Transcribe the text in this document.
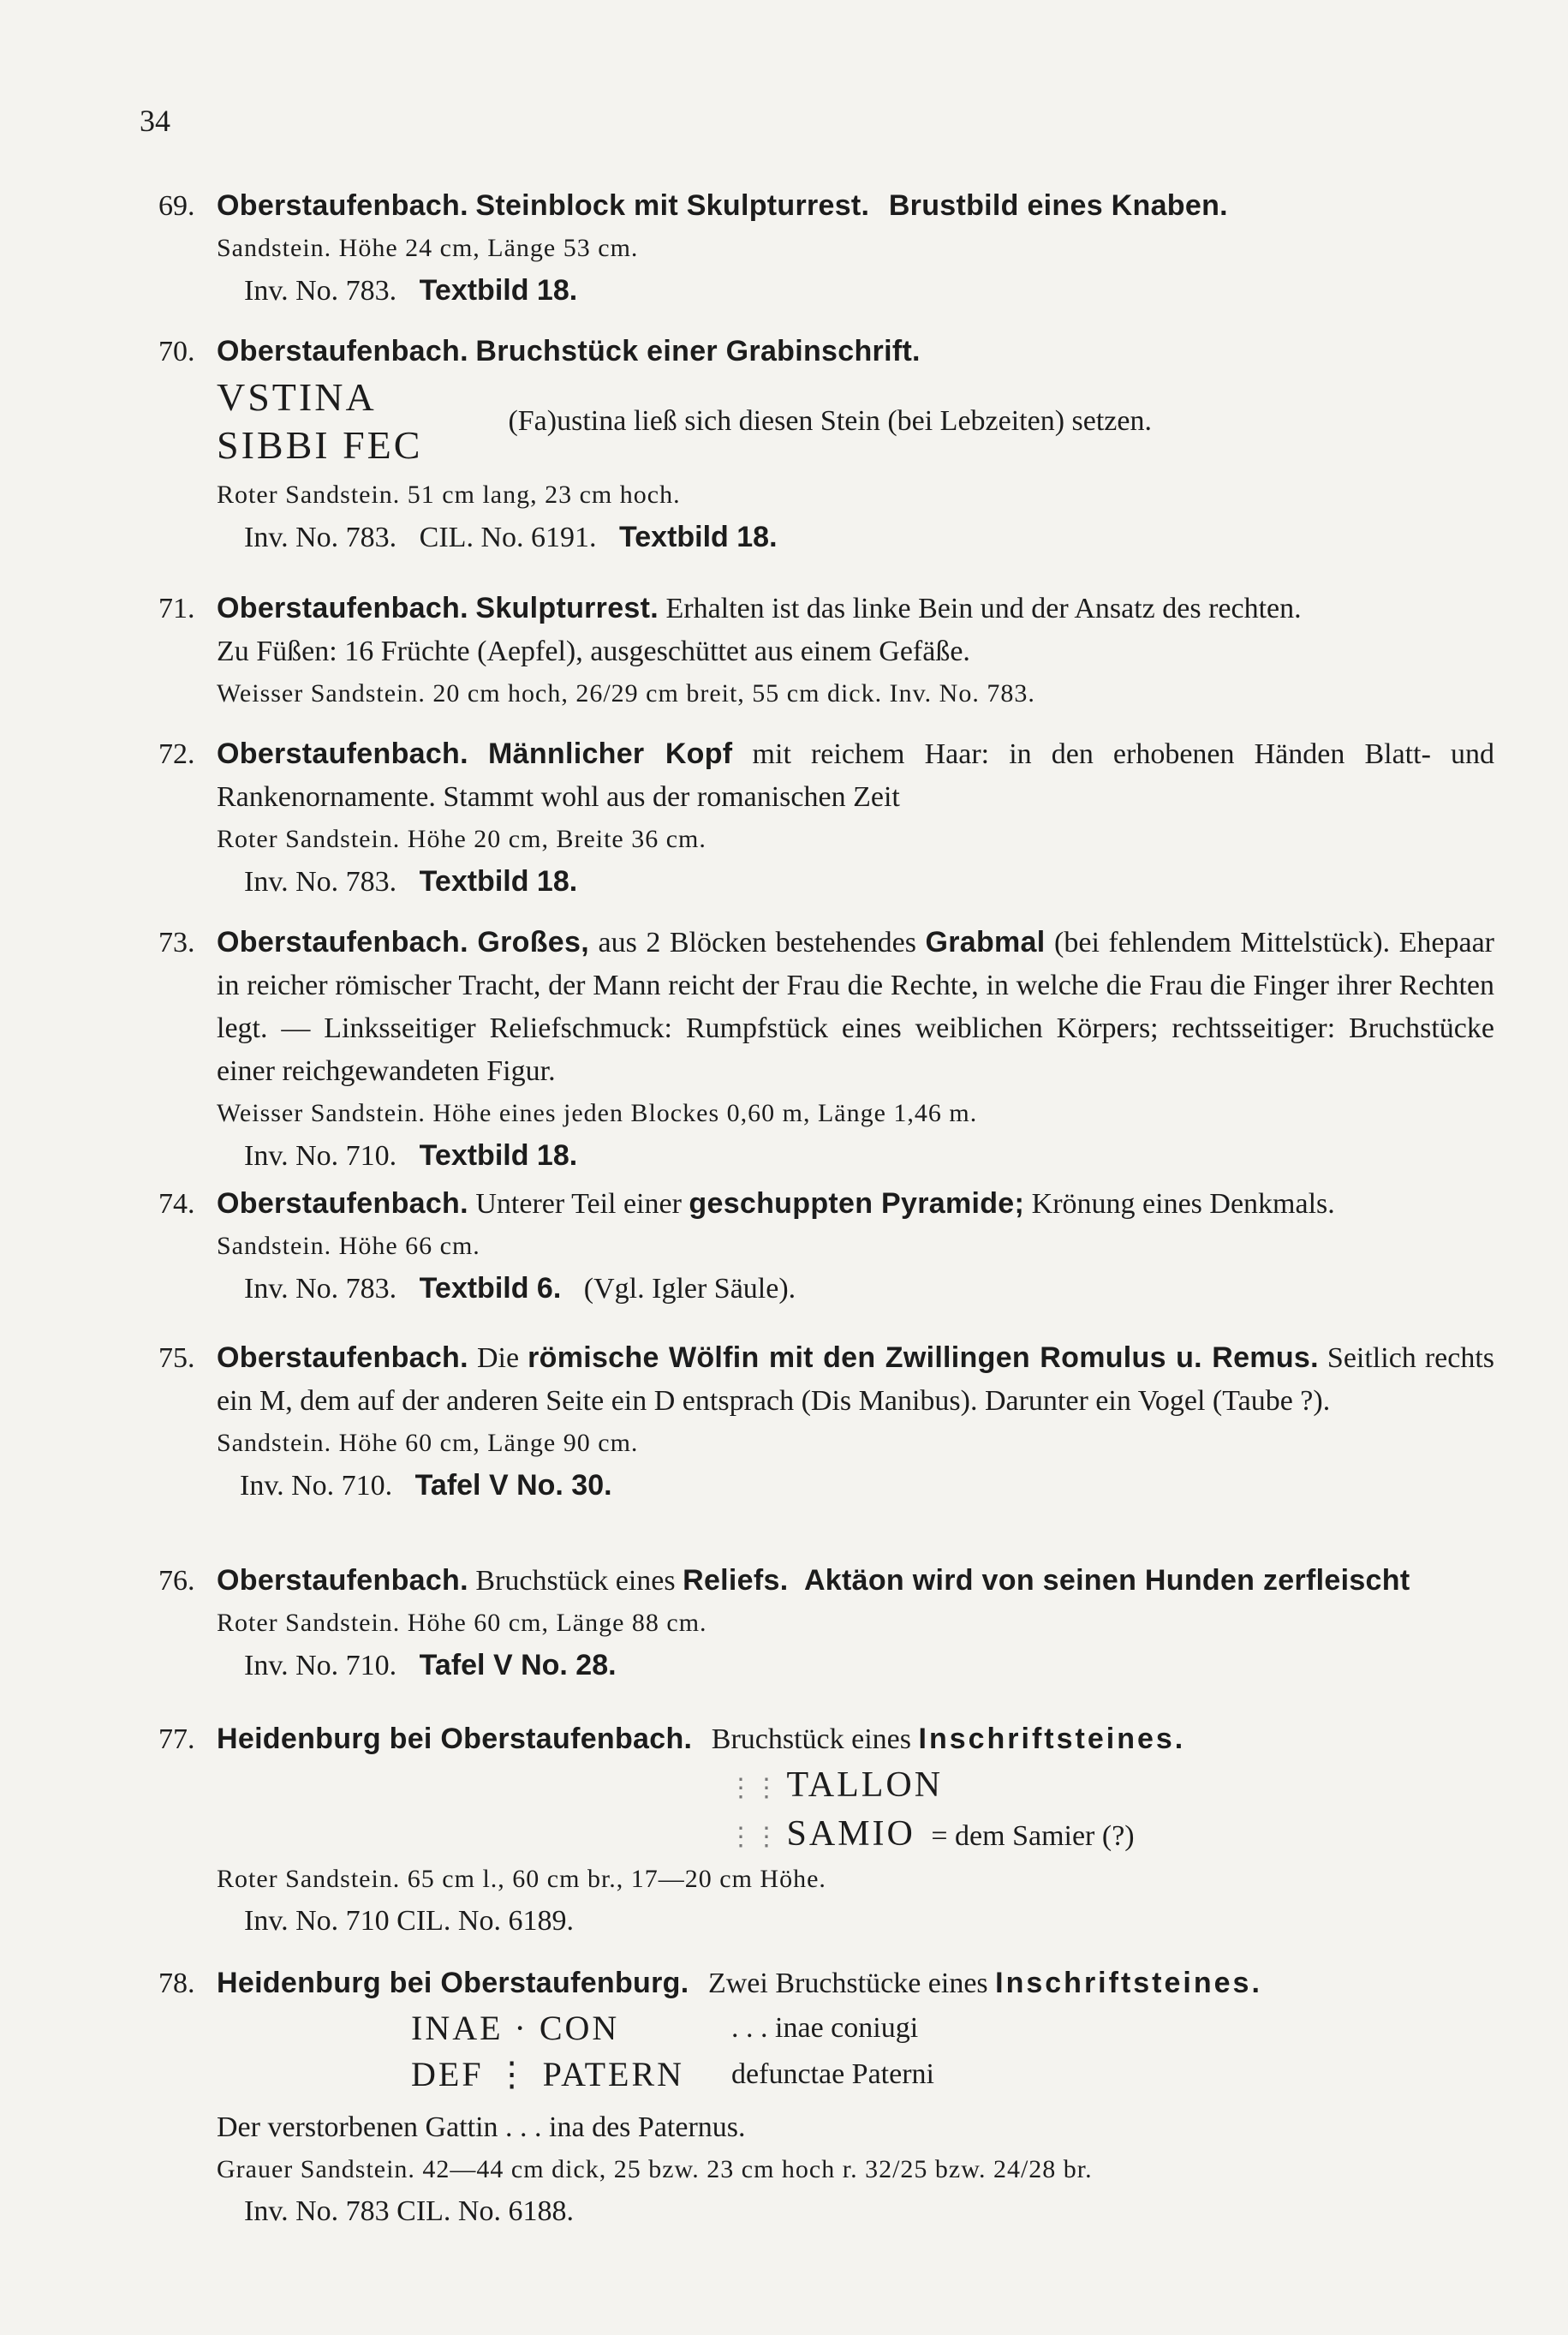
34
69. Oberstaufenbach. Steinblock mit Skulpturrest. Brustbild eines Knaben.
Sandstein. Höhe 24 cm, Länge 53 cm.
Inv. No. 783. Textbild 18.
70. Oberstaufenbach. Bruchstück einer Grabinschrift.
VSTINA
SIBBI FEC
(Fa)ustina ließ sich diesen Stein (bei Lebzeiten) setzen.
Roter Sandstein. 51 cm lang, 23 cm hoch.
Inv. No. 783. CIL. No. 6191. Textbild 18.
71. Oberstaufenbach. Skulpturrest. Erhalten ist das linke Bein und der Ansatz des rechten.
Zu Füßen: 16 Früchte (Aepfel), ausgeschüttet aus einem Gefäße.
Weisser Sandstein. 20 cm hoch, 26/29 cm breit, 55 cm dick. Inv. No. 783.
72. Oberstaufenbach. Männlicher Kopf mit reichem Haar: in den erhobenen Händen Blatt- und Rankenornamente. Stammt wohl aus der romanischen Zeit
Roter Sandstein. Höhe 20 cm, Breite 36 cm.
Inv. No. 783. Textbild 18.
73. Oberstaufenbach. Großes, aus 2 Blöcken bestehendes Grabmal (bei fehlendem Mittelstück). Ehepaar in reicher römischer Tracht, der Mann reicht der Frau die Rechte, in welche die Frau die Finger ihrer Rechten legt. — Linksseitiger Reliefschmuck: Rumpfstück eines weiblichen Körpers; rechtsseitiger: Bruchstücke einer reichgewandeten Figur.
Weisser Sandstein. Höhe eines jeden Blockes 0,60 m, Länge 1,46 m.
Inv. No. 710. Textbild 18.
74. Oberstaufenbach. Unterer Teil einer geschuppten Pyramide; Krönung eines Denkmals.
Sandstein. Höhe 66 cm.
Inv. No. 783. Textbild 6. (Vgl. Igler Säule).
75. Oberstaufenbach. Die römische Wölfin mit den Zwillingen Romulus u. Remus. Seitlich rechts ein M, dem auf der anderen Seite ein D entsprach (Dis Manibus). Darunter ein Vogel (Taube ?).
Sandstein. Höhe 60 cm, Länge 90 cm.
Inv. No. 710. Tafel V No. 30.
76. Oberstaufenbach. Bruchstück eines Reliefs. Aktäon wird von seinen Hunden zerfleischt
Roter Sandstein. Höhe 60 cm, Länge 88 cm.
Inv. No. 710. Tafel V No. 28.
77. Heidenburg bei Oberstaufenbach. Bruchstück eines Inschriftsteines.
⋮⋮ TALLON
⋮⋮ SAMIO = dem Samier (?)
Roter Sandstein. 65 cm l., 60 cm br., 17—20 cm Höhe.
Inv. No. 710 CIL. No. 6189.
78. Heidenburg bei Oberstaufenburg. Zwei Bruchstücke eines Inschriftsteines.
INAE · CON
DEF ⋮ PATERN
. . . inae coniugi
defunctae Paterni
Der verstorbenen Gattin . . . ina des Paternus.
Grauer Sandstein. 42—44 cm dick, 25 bzw. 23 cm hoch r. 32/25 bzw. 24/28 br.
Inv. No. 783 CIL. No. 6188.
